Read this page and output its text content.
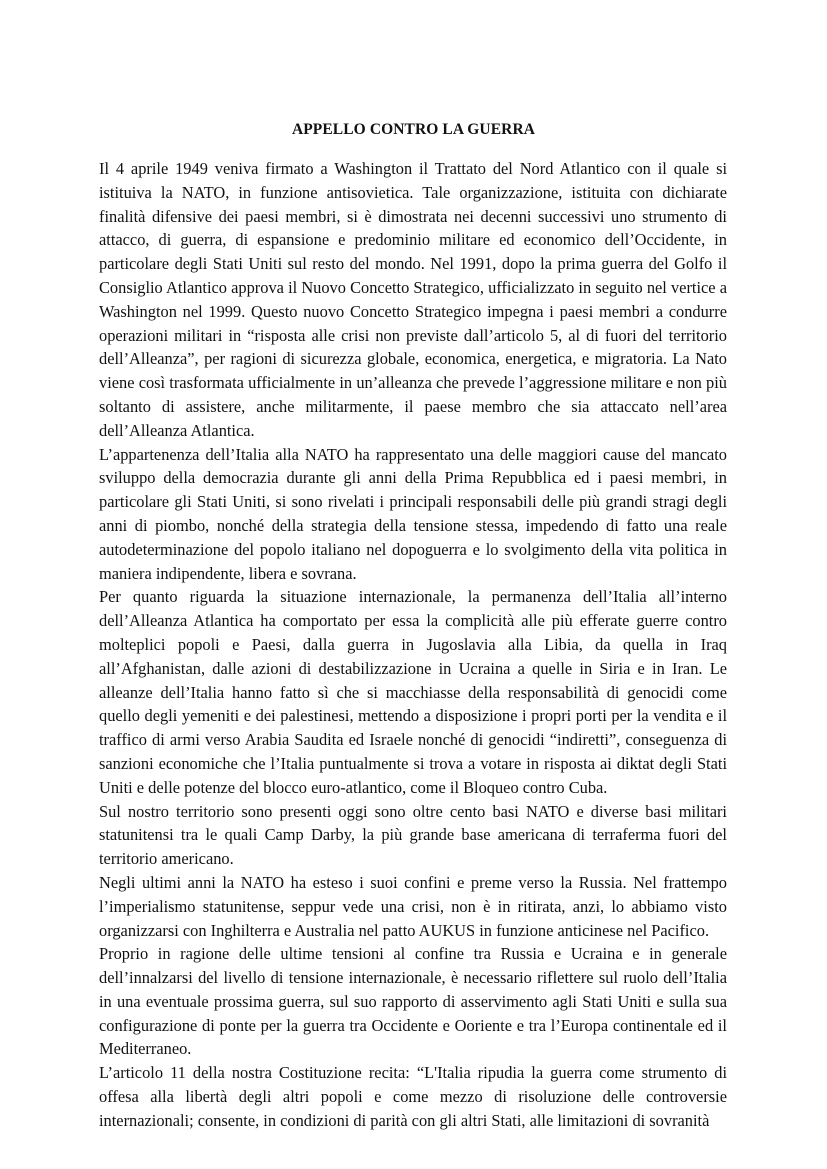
APPELLO CONTRO LA GUERRA

Il 4 aprile 1949 veniva firmato a Washington il Trattato del Nord Atlantico con il quale si istituiva la NATO, in funzione antisovietica. Tale organizzazione, istituita con dichiarate finalità difensive dei paesi membri, si è dimostrata nei decenni successivi uno strumento di attacco, di guerra, di espansione e predominio militare ed economico dell’Occidente, in particolare degli Stati Uniti sul resto del mondo. Nel 1991, dopo la prima guerra del Golfo il Consiglio Atlantico approva il Nuovo Concetto Strategico, ufficializzato in seguito nel vertice a Washington nel 1999. Questo nuovo Concetto Strategico impegna i paesi membri a condurre operazioni militari in “risposta alle crisi non previste dall’articolo 5, al di fuori del territorio dell’Alleanza”, per ragioni di sicurezza globale, economica, energetica, e migratoria. La Nato viene così trasformata ufficialmente in un’alleanza che prevede l’aggressione militare e non più soltanto di assistere, anche militarmente, il paese membro che sia attaccato nell’area dell’Alleanza Atlantica.

L’appartenenza dell’Italia alla NATO ha rappresentato una delle maggiori cause del mancato sviluppo della democrazia durante gli anni della Prima Repubblica ed i paesi membri, in particolare gli Stati Uniti, si sono rivelati i principali responsabili delle più grandi stragi degli anni di piombo, nonché della strategia della tensione stessa, impedendo di fatto una reale autodeterminazione del popolo italiano nel dopoguerra e lo svolgimento della vita politica in maniera indipendente, libera e sovrana.

Per quanto riguarda la situazione internazionale, la permanenza dell’Italia all’interno dell’Alleanza Atlantica ha comportato per essa la complicità alle più efferate guerre contro molteplici popoli e Paesi, dalla guerra in Jugoslavia alla Libia, da quella in Iraq all’Afghanistan, dalle azioni di destabilizzazione in Ucraina a quelle in Siria e in Iran. Le alleanze dell’Italia hanno fatto sì che si macchiasse della responsabilità di genocidi come quello degli yemeniti e dei palestinesi, mettendo a disposizione i propri porti per la vendita e il traffico di armi verso Arabia Saudita ed Israele nonché di genocidi “indiretti”, conseguenza di sanzioni economiche che l’Italia puntualmente si trova a votare in risposta ai diktat degli Stati Uniti e delle potenze del blocco euro-atlantico, come il Bloqueo contro Cuba.

Sul nostro territorio sono presenti oggi sono oltre cento basi NATO e diverse basi militari statunitensi tra le quali Camp Darby, la più grande base americana di terraferma fuori del territorio americano.

Negli ultimi anni la NATO ha esteso i suoi confini e preme verso la Russia. Nel frattempo l’imperialismo statunitense, seppur vede una crisi, non è in ritirata, anzi, lo abbiamo visto organizzarsi con Inghilterra e Australia nel patto AUKUS in funzione anticinese nel Pacifico.

Proprio in ragione delle ultime tensioni al confine tra Russia e Ucraina e in generale dell’innalzarsi del livello di tensione internazionale, è necessario riflettere sul ruolo dell’Italia in una eventuale prossima guerra, sul suo rapporto di asservimento agli Stati Uniti e sulla sua configurazione di ponte per la guerra tra Occidente e Ooriente e tra l’Europa continentale ed il Mediterraneo.

L’articolo 11 della nostra Costituzione recita: “L'Italia ripudia la guerra come strumento di offesa alla libertà degli altri popoli e come mezzo di risoluzione delle controversie internazionali; consente, in condizioni di parità con gli altri Stati, alle limitazioni di sovranità
